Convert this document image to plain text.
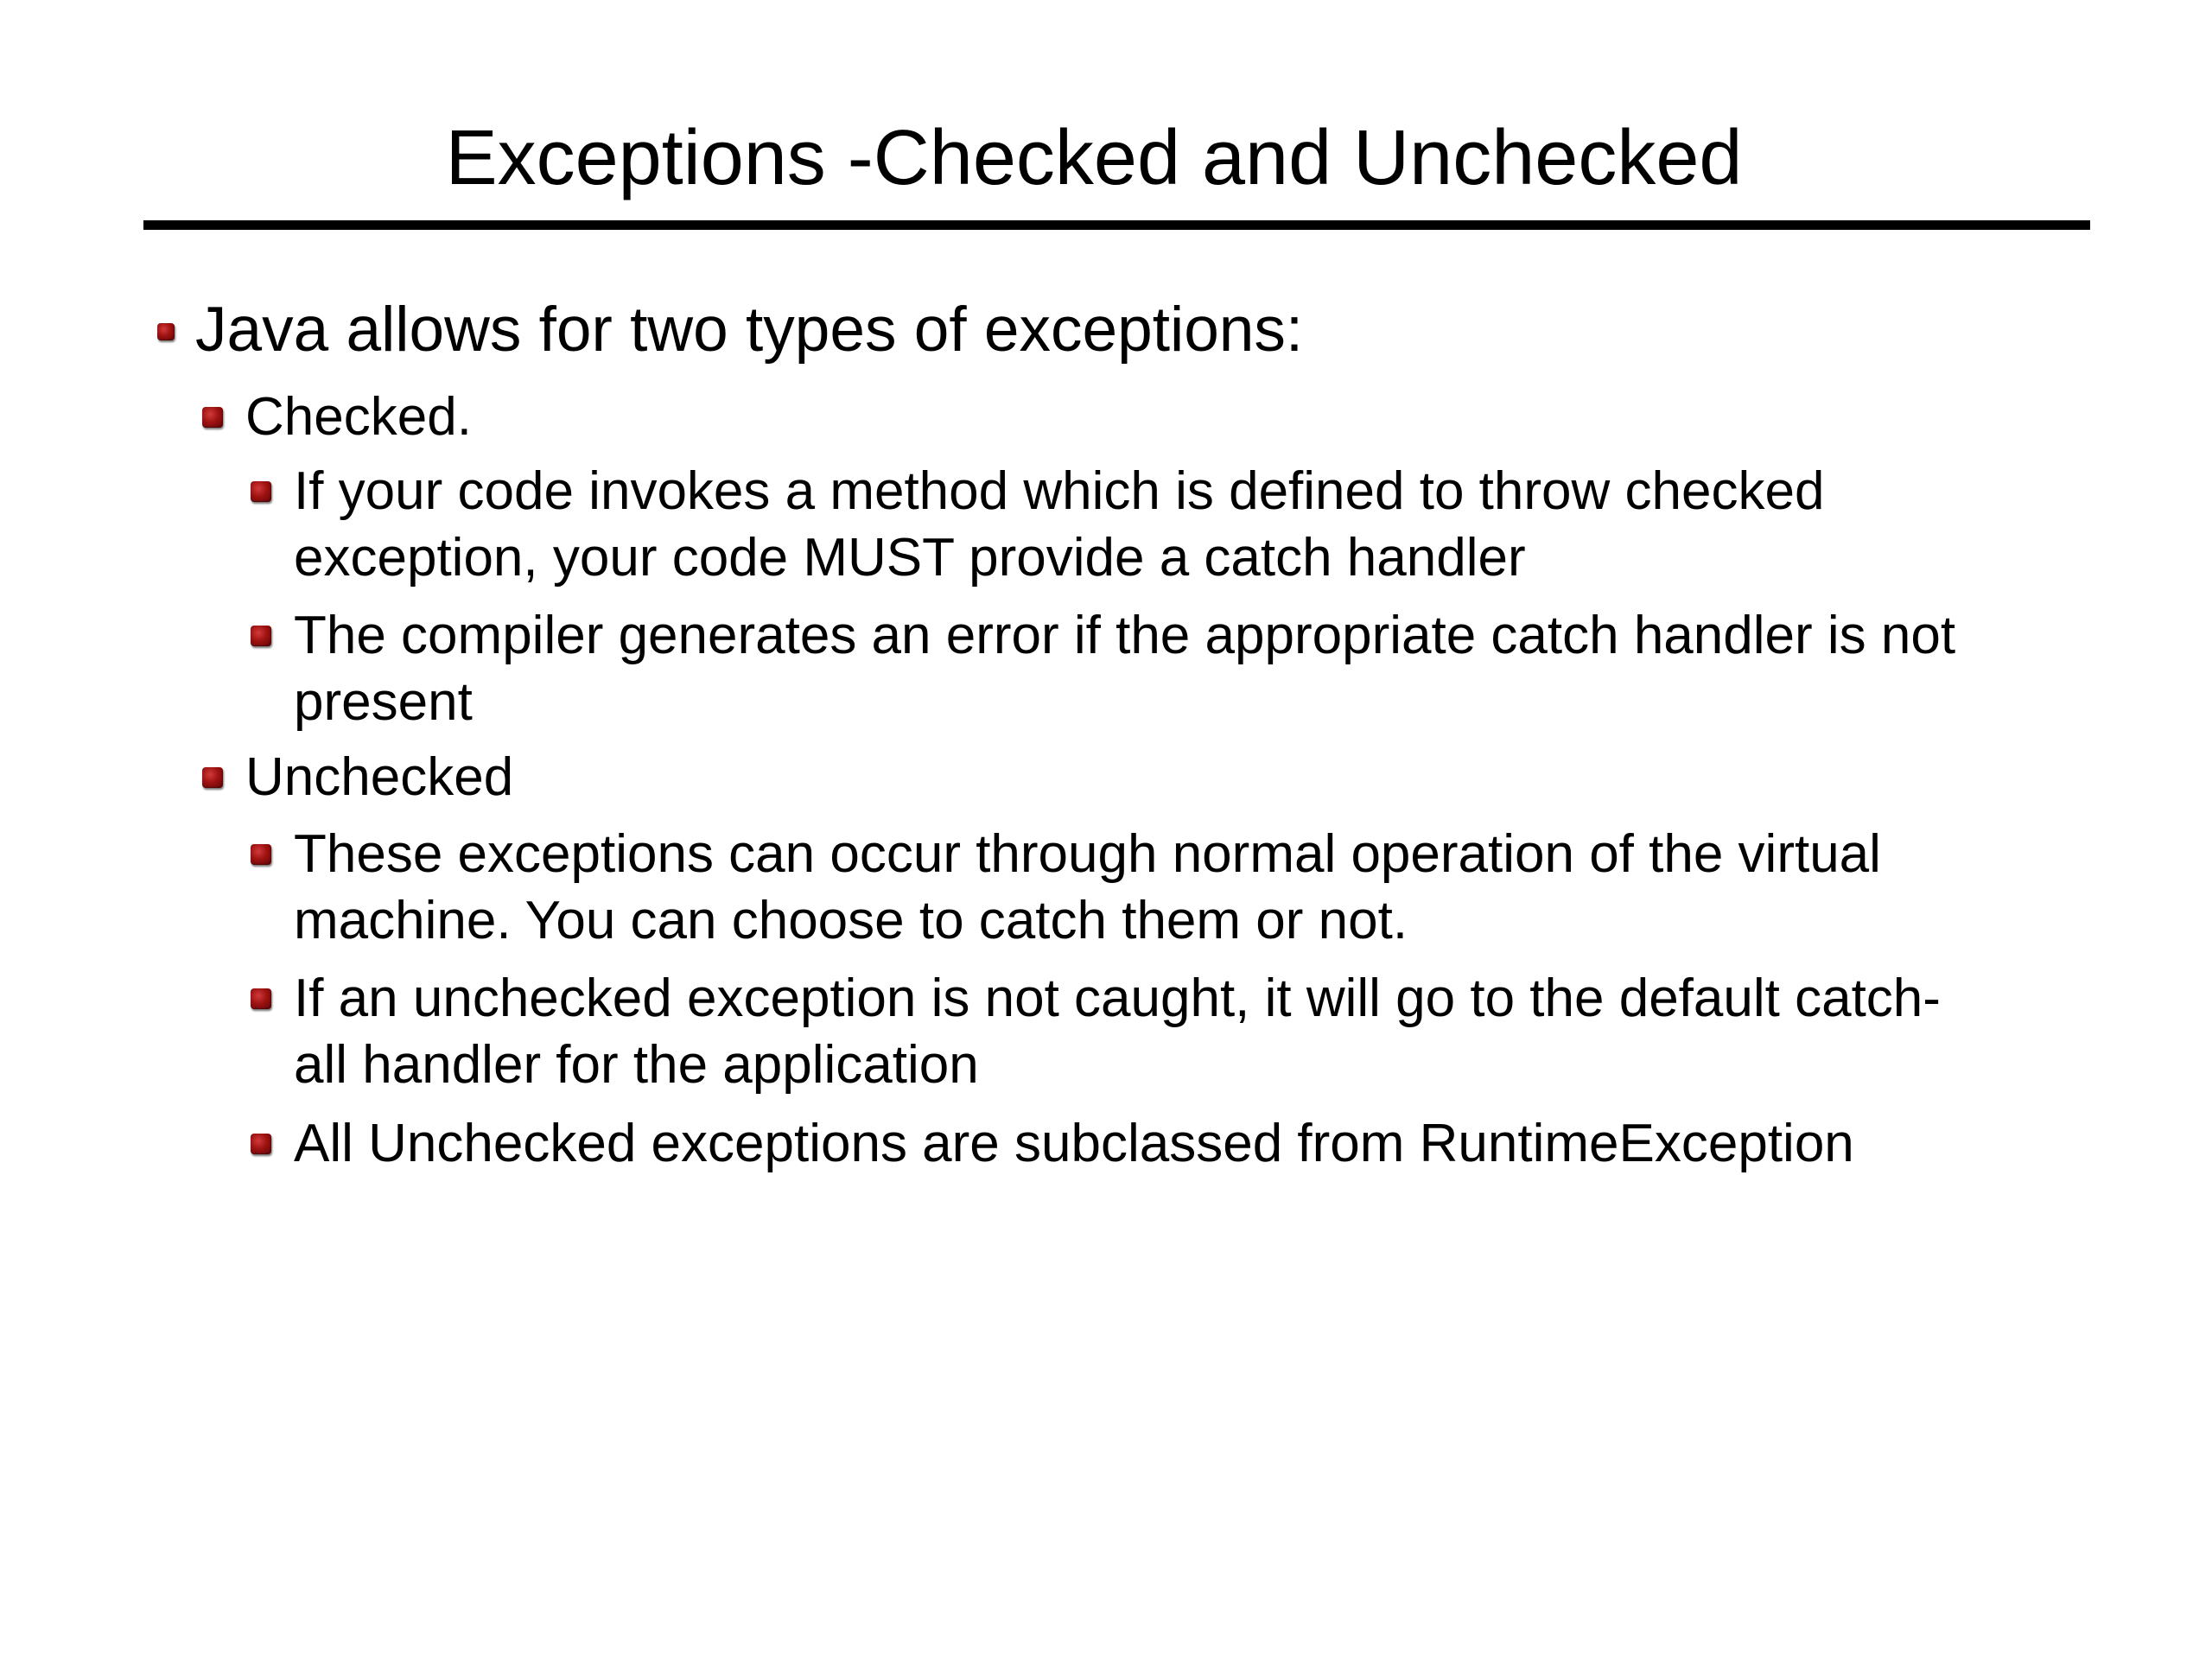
Exceptions -Checked and Unchecked
Java allows for two types of exceptions:
Checked.
If your code invokes a method which is defined to throw checked
exception, your code MUST provide a catch handler
The compiler generates an error if the appropriate catch handler is not
present
Unchecked
These exceptions can occur through normal operation of the virtual
machine. You can choose to catch them or not.
If an unchecked exception is not caught, it will go to the default catch-
all handler for the application
All Unchecked exceptions are subclassed from RuntimeException
